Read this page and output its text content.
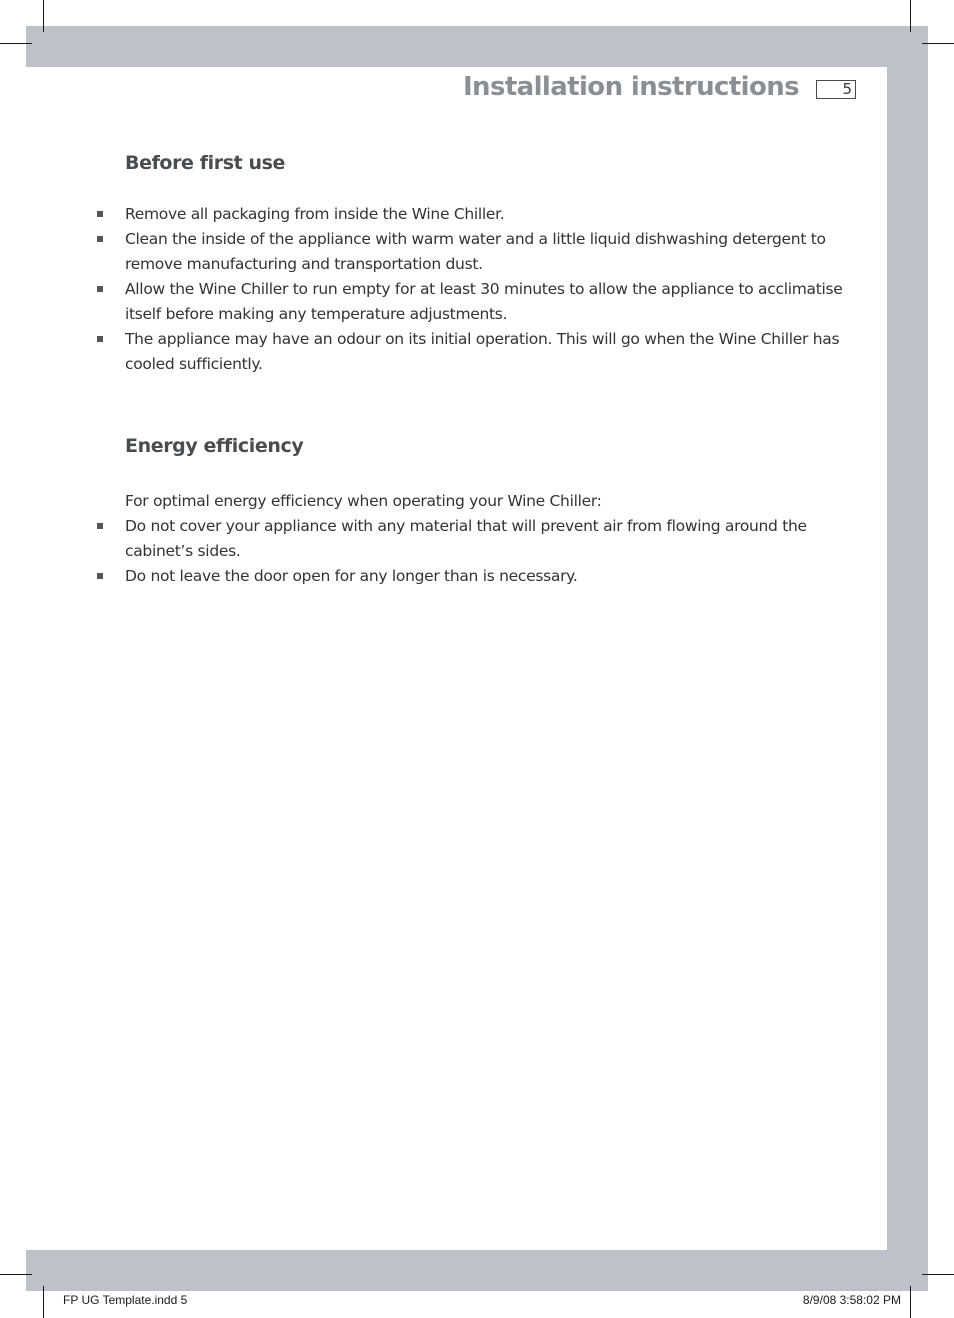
Installation instructions	5
Before first use
Remove all packaging from inside the Wine Chiller.
Clean the inside of the appliance with warm water and a little liquid dishwashing detergent to
remove manufacturing and transportation dust.
Allow the Wine Chiller to run empty for at least 30 minutes to allow the appliance to acclimatise
itself before making any temperature adjustments.
The appliance may have an odour on its initial operation. This will go when the Wine Chiller has
cooled sufficiently.
Energy efficiency
For optimal energy efficiency when operating your Wine Chiller:
Do not cover your appliance with any material that will prevent air from flowing around the
cabinet’s sides.
Do not leave the door open for any longer than is necessary.
FP UG Template.indd 5	8/9/08 3:58:02 PM
